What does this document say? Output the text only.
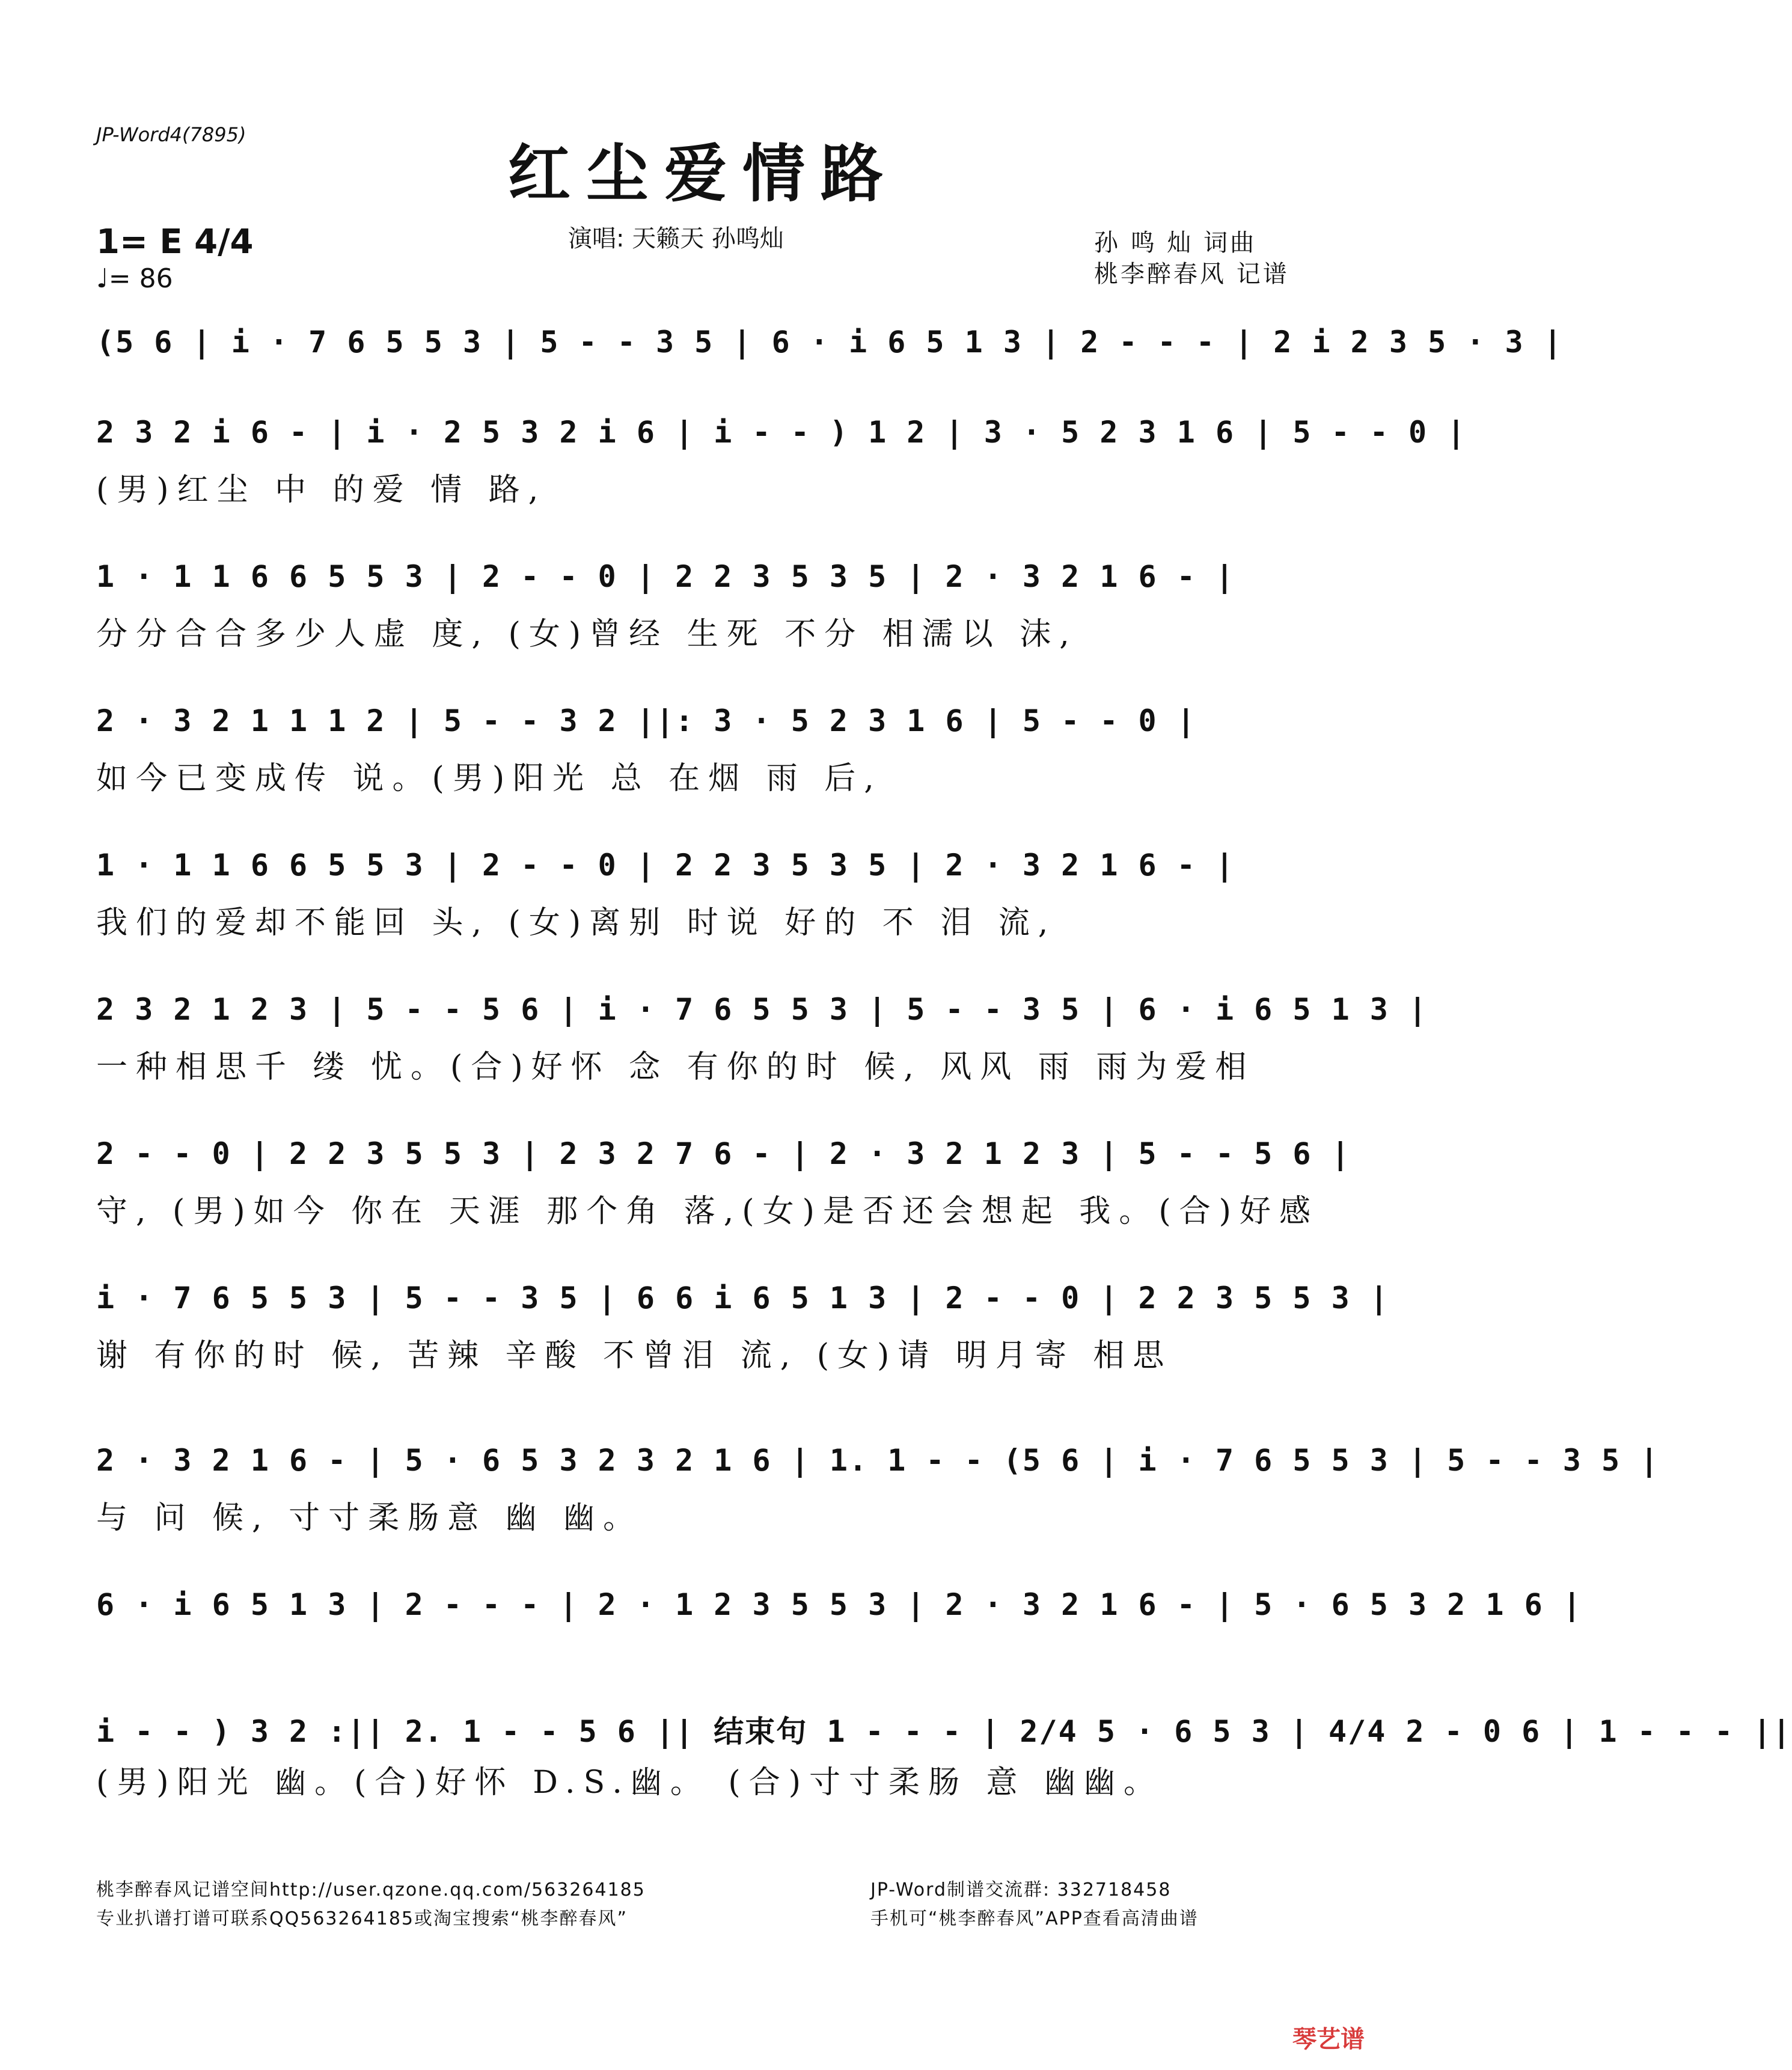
JP-Word4(7895)
红尘爱情路
1= E 4/4
♩= 86
演唱: 天籁天 孙鸣灿	孙 鸣 灿 词曲
桃李醉春风 记谱
(5 6 | i · 7 6 5 5 3 | 5 - - 3 5 | 6 · i 6 5 1 3 | 2 - - - | 2 i 2 3 5 · 3 |
2 3 2 i 6 - | i · 2 5 3 2 i 6 | i - - ) 1 2 | 3 · 5 2 3 1 6 | 5 - - 0 |
(男)红尘 中 的爱 情 路,
1 · 1 1 6 6 5 5 3 | 2 - - 0 | 2 2 3 5 3 5 | 2 · 3 2 1 6 - |
分分合合多少人虚 度, (女)曾经 生死 不分 相濡以 沫,
2 · 3 2 1 1 1 2 | 5 - - 3 2 ||: 3 · 5 2 3 1 6 | 5 - - 0 |
如今已变成传 说。(男)阳光 总 在烟 雨 后,
1 · 1 1 6 6 5 5 3 | 2 - - 0 | 2 2 3 5 3 5 | 2 · 3 2 1 6 - |
我们的爱却不能回 头, (女)离别 时说 好的 不 泪 流,
2 3 2 1 2 3 | 5 - - 5 6 | i · 7 6 5 5 3 | 5 - - 3 5 | 6 · i 6 5 1 3 |
一种相思千 缕 忧。(合)好怀 念 有你的时 候, 风风 雨 雨为爱相
2 - - 0 | 2 2 3 5 5 3 | 2 3 2 7 6 - | 2 · 3 2 1 2 3 | 5 - - 5 6 |
守, (男)如今 你在 天涯 那个角 落,(女)是否还会想起 我。(合)好感
i · 7 6 5 5 3 | 5 - - 3 5 | 6 6 i 6 5 1 3 | 2 - - 0 | 2 2 3 5 5 3 |
谢 有你的时 候, 苦辣 辛酸 不曾泪 流, (女)请 明月寄 相思
2 · 3 2 1 6 - | 5 · 6 5 3 2 3 2 1 6 | 1. 1 - - (5 6 | i · 7 6 5 5 3 | 5 - - 3 5 |
与 问 候, 寸寸柔肠意 幽 幽。
6 · i 6 5 1 3 | 2 - - - | 2 · 1 2 3 5 5 3 | 2 · 3 2 1 6 - | 5 · 6 5 3 2 1 6 |
i - - ) 3 2 :|| 2. 1 - - 5 6 || 结束句 1 - - - | 2/4 5 · 6 5 3 | 4/4 2 - 0 6 | 1 - - - ||
(男)阳光 幽。(合)好怀 D.S.幽。 (合)寸寸柔肠 意 幽幽。
桃李醉春风记谱空间http://user.qzone.qq.com/563264185
专业扒谱打谱可联系QQ563264185或淘宝搜索“桃李醉春风”
JP-Word制谱交流群: 332718458
手机可“桃李醉春风”APP查看高清曲谱
琴艺谱
